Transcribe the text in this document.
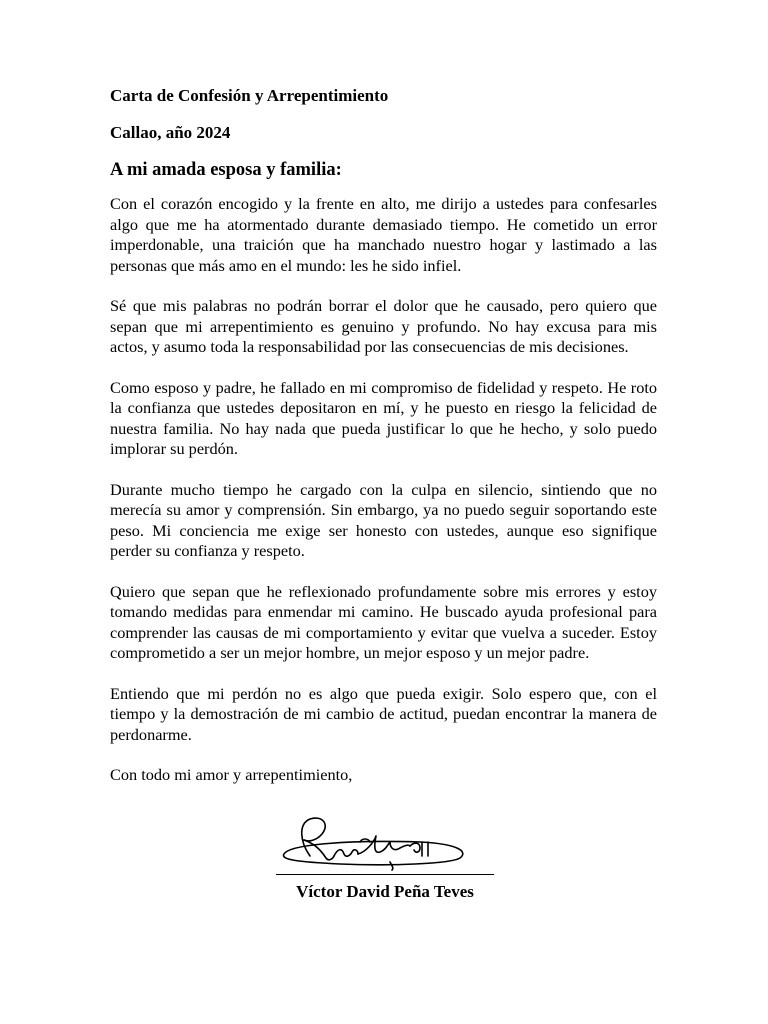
Carta de Confesión y Arrepentimiento

Callao, año 2024

A mi amada esposa y familia:

Con el corazón encogido y la frente en alto, me dirijo a ustedes para confesarles algo que me ha atormentado durante demasiado tiempo. He cometido un error imperdonable, una traición que ha manchado nuestro hogar y lastimado a las personas que más amo en el mundo: les he sido infiel.

Sé que mis palabras no podrán borrar el dolor que he causado, pero quiero que sepan que mi arrepentimiento es genuino y profundo. No hay excusa para mis actos, y asumo toda la responsabilidad por las consecuencias de mis decisiones.

Como esposo y padre, he fallado en mi compromiso de fidelidad y respeto. He roto la confianza que ustedes depositaron en mí, y he puesto en riesgo la felicidad de nuestra familia. No hay nada que pueda justificar lo que he hecho, y solo puedo implorar su perdón.

Durante mucho tiempo he cargado con la culpa en silencio, sintiendo que no merecía su amor y comprensión. Sin embargo, ya no puedo seguir soportando este peso. Mi conciencia me exige ser honesto con ustedes, aunque eso signifique perder su confianza y respeto.

Quiero que sepan que he reflexionado profundamente sobre mis errores y estoy tomando medidas para enmendar mi camino. He buscado ayuda profesional para comprender las causas de mi comportamiento y evitar que vuelva a suceder. Estoy comprometido a ser un mejor hombre, un mejor esposo y un mejor padre.

Entiendo que mi perdón no es algo que pueda exigir. Solo espero que, con el tiempo y la demostración de mi cambio de actitud, puedan encontrar la manera de perdonarme.

Con todo mi amor y arrepentimiento,

Víctor David Peña Teves
